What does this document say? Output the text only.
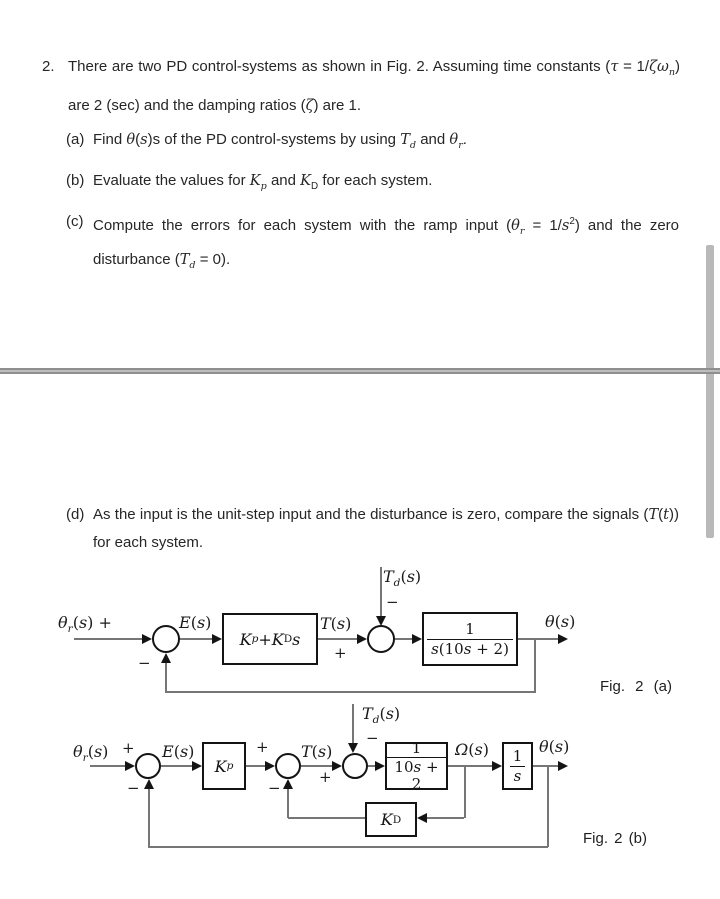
2. There are two PD control-systems as shown in Fig. 2. Assuming time constants $(\tau = 1/\zeta\omega_n)$ are 2 (sec) and the damping ratios (ζ) are 1.
(a) Find θ(s)s of the PD control-systems by using $T_d$ and $\theta_r$.
(b) Evaluate the values for $K_p$ and $K_D$ for each system.
(c) Compute the errors for each system with the ramp input $(\theta_r = 1/s^2)$ and the zero disturbance $(T_d = 0)$.
(d) As the input is the unit-step input and the disturbance is zero, compare the signals (T(t)) for each system.
K p + K D s	$\frac{1}{s(10s + 2)}$
$\theta_r(s)$ +	E(s)	T(s)
+
$T_d(s)$
−
θ(s)
−
Fig. 2 (a)
K p	$\frac{1}{10s + 2}$	$\frac{1}{s}$
K D
$\theta_r(s) + E(s)$	+ T(s)
+
$T_d(s)$
−
Ω(s)	θ(s)
−
−
Fig. 2 (b)
